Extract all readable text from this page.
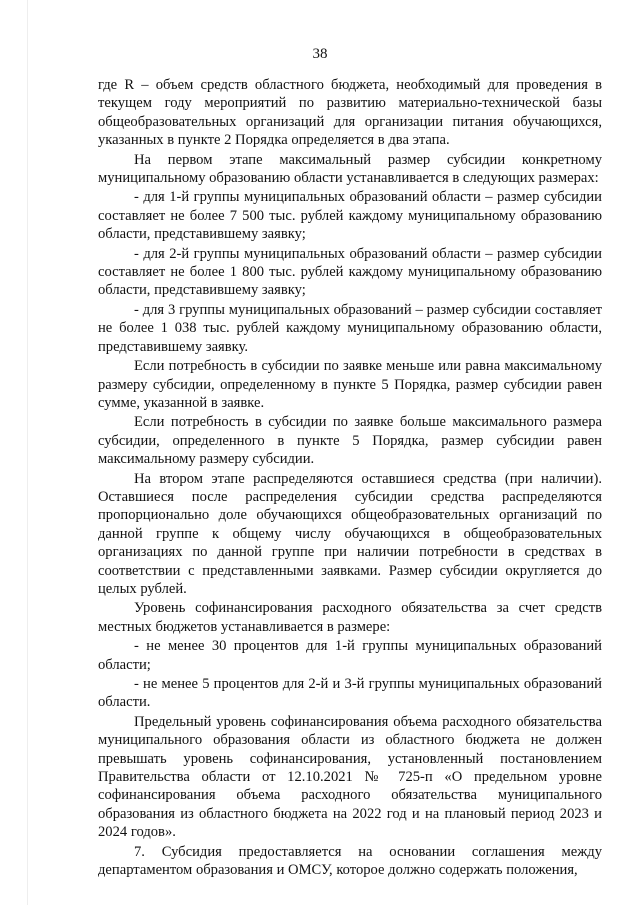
38

где R – объем средств областного бюджета, необходимый для проведения в текущем году мероприятий по развитию материально-технической базы общеобразовательных организаций для организации питания обучающихся, указанных в пункте 2 Порядка определяется в два этапа.

На первом этапе максимальный размер субсидии конкретному муниципальному образованию области устанавливается в следующих размерах:

- для 1-й группы муниципальных образований области – размер субсидии составляет не более 7 500 тыс. рублей каждому муниципальному образованию области, представившему заявку;

- для 2-й группы муниципальных образований области – размер субсидии составляет не более 1 800 тыс. рублей каждому муниципальному образованию области, представившему заявку;

- для 3 группы муниципальных образований – размер субсидии составляет не более 1 038 тыс. рублей каждому муниципальному образованию области, представившему заявку.

Если потребность в субсидии по заявке меньше или равна максимальному размеру субсидии, определенному в пункте 5 Порядка, размер субсидии равен сумме, указанной в заявке.

Если потребность в субсидии по заявке больше максимального размера субсидии, определенного в пункте 5 Порядка, размер субсидии равен максимальному размеру субсидии.

На втором этапе распределяются оставшиеся средства (при наличии). Оставшиеся после распределения субсидии средства распределяются пропорционально доле обучающихся общеобразовательных организаций по данной группе к общему числу обучающихся в общеобразовательных организациях по данной группе при наличии потребности в средствах в соответствии с представленными заявками. Размер субсидии округляется до целых рублей.

Уровень софинансирования расходного обязательства за счет средств местных бюджетов устанавливается в размере:

- не менее 30 процентов для 1-й группы муниципальных образований области;

- не менее 5 процентов для 2-й и 3-й группы муниципальных образований области.

Предельный уровень софинансирования объема расходного обязательства муниципального образования области из областного бюджета не должен превышать уровень софинансирования, установленный постановлением Правительства области от 12.10.2021 № 725-п «О предельном уровне софинансирования объема расходного обязательства муниципального образования из областного бюджета на 2022 год и на плановый период 2023 и 2024 годов».

7. Субсидия предоставляется на основании соглашения между департаментом образования и ОМСУ, которое должно содержать положения,
